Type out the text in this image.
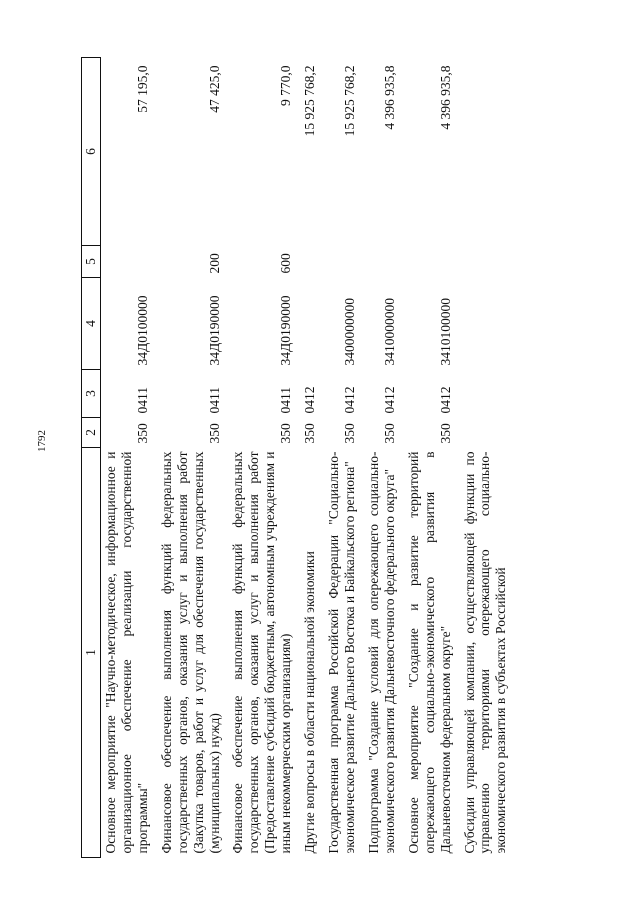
1792
1	2	3	4	5	6
Основное мероприятие "Научно-методическое, информационное и организационное обеспечение реализации государственной программы"	350	0411	34Д0100000		57 195,0
Финансовое обеспечение выполнения функций федеральных государственных органов, оказания услуг и выполнения работ (Закупка товаров, работ и услуг для обеспечения государственных (муниципальных) нужд)	350	0411	34Д0190000	200	47 425,0
Финансовое обеспечение выполнения функций федеральных государственных органов, оказания услуг и выполнения работ (Предоставление субсидий бюджетным, автономным учреждениям и иным некоммерческим организациям)	350	0411	34Д0190000	600	9 770,0
Другие вопросы в области национальной экономики	350	0412			15 925 768,2
Государственная программа Российской Федерации "Социально-экономическое развитие Дальнего Востока и Байкальского региона"	350	0412	3400000000		15 925 768,2
Подпрограмма "Создание условий для опережающего социально-экономического развития Дальневосточного федерального округа"	350	0412	3410000000		4 396 935,8
Основное мероприятие "Создание и развитие территорий опережающего социально-экономического развития в Дальневосточном федеральном округе"	350	0412	3410100000		4 396 935,8
Субсидии управляющей компании, осуществляющей функции по управлению территориями опережающего социально-экономического развития в субъектах Российской					
